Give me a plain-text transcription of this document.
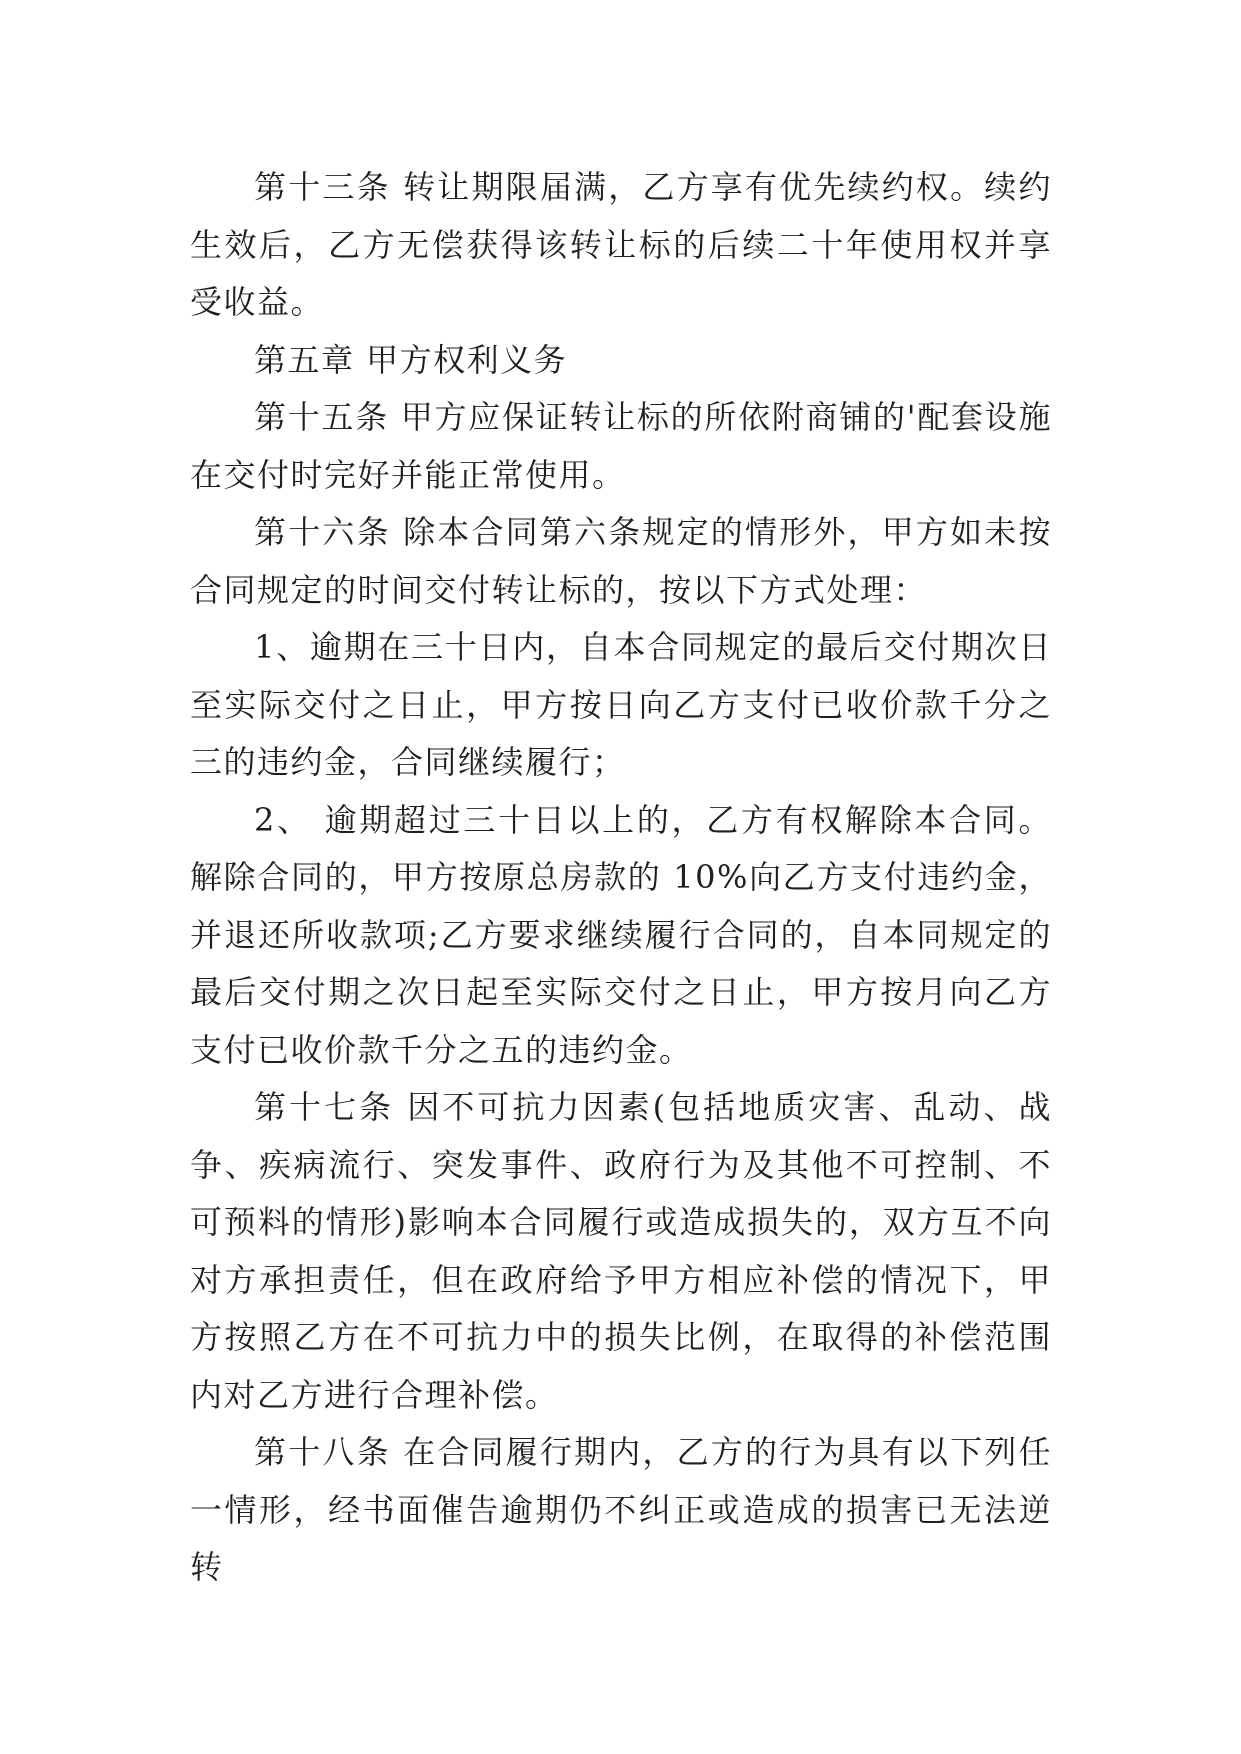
第十三条 转让期限届满，乙方享有优先续约权。续约生效后，乙方无偿获得该转让标的后续二十年使用权并享受收益。

第五章 甲方权利义务

第十五条 甲方应保证转让标的所依附商铺的'配套设施在交付时完好并能正常使用。

第十六条 除本合同第六条规定的情形外，甲方如未按合同规定的时间交付转让标的，按以下方式处理：

1、逾期在三十日内，自本合同规定的最后交付期次日至实际交付之日止，甲方按日向乙方支付已收价款千分之三的违约金，合同继续履行；

2、 逾期超过三十日以上的，乙方有权解除本合同。解除合同的，甲方按原总房款的 10%向乙方支付违约金，并退还所收款项;乙方要求继续履行合同的，自本同规定的最后交付期之次日起至实际交付之日止，甲方按月向乙方支付已收价款千分之五的违约金。

第十七条 因不可抗力因素(包括地质灾害、乱动、战争、疾病流行、突发事件、政府行为及其他不可控制、不可预料的情形)影响本合同履行或造成损失的，双方互不向对方承担责任，但在政府给予甲方相应补偿的情况下，甲方按照乙方在不可抗力中的损失比例，在取得的补偿范围内对乙方进行合理补偿。

第十八条 在合同履行期内，乙方的行为具有以下列任一情形，经书面催告逾期仍不纠正或造成的损害已无法逆转
